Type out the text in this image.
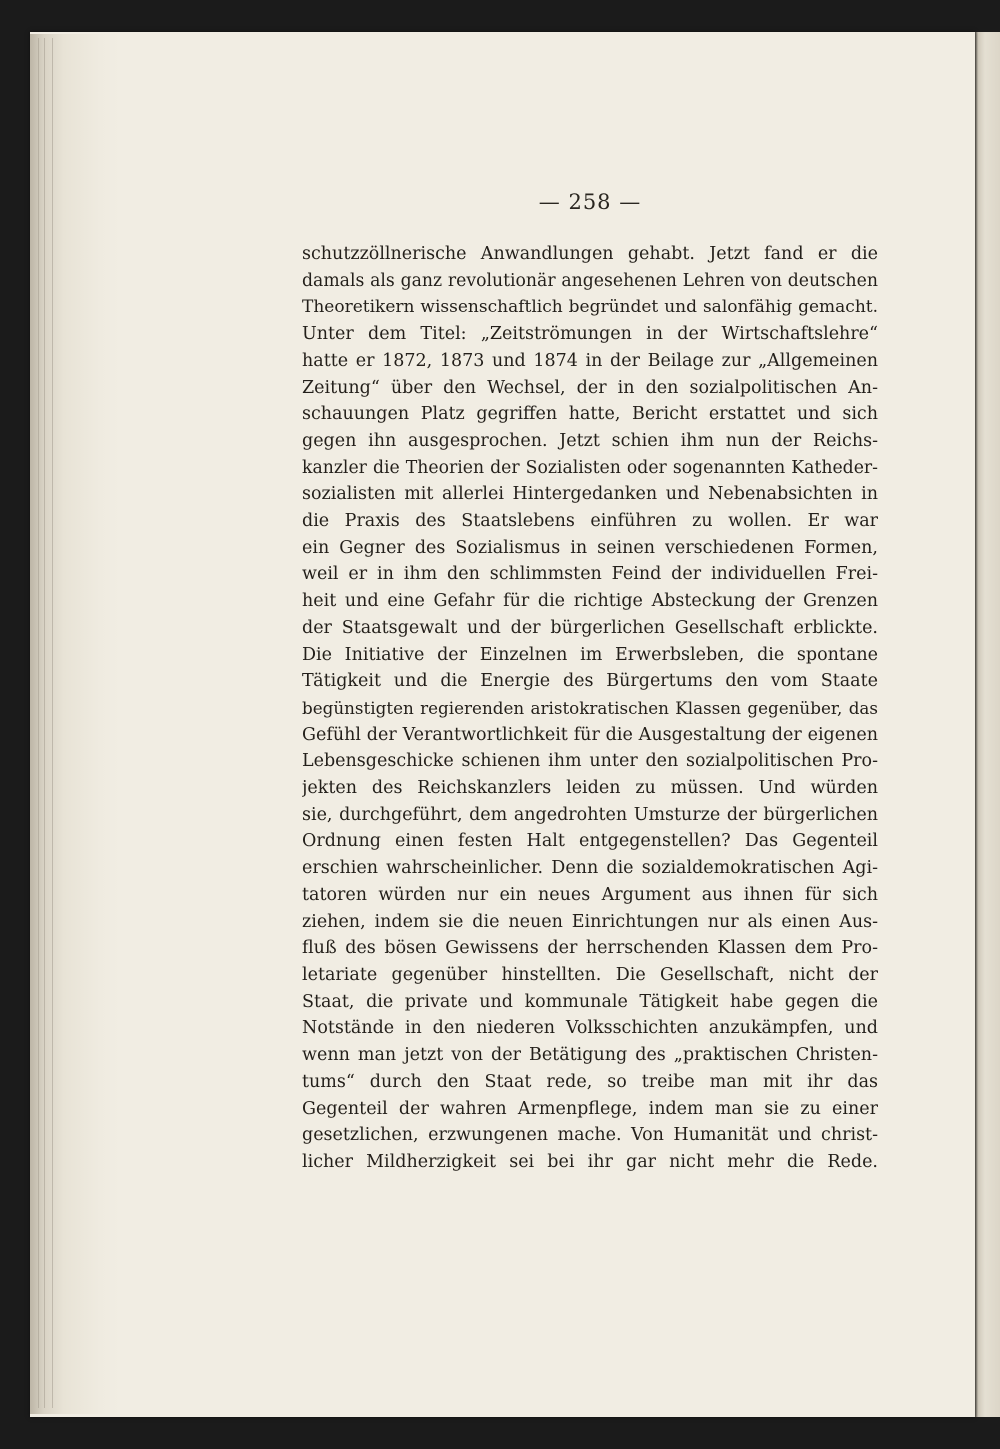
— 258 —
schutzzöllnerische Anwandlungen gehabt. Jetzt fand er die
damals als ganz revolutionär angesehenen Lehren von deutschen
Theoretikern wissenschaftlich begründet und salonfähig gemacht.
Unter dem Titel: „Zeitströmungen in der Wirtschaftslehre“
hatte er 1872, 1873 und 1874 in der Beilage zur „Allgemeinen
Zeitung“ über den Wechsel, der in den sozialpolitischen An-
schauungen Platz gegriffen hatte, Bericht erstattet und sich
gegen ihn ausgesprochen. Jetzt schien ihm nun der Reichs-
kanzler die Theorien der Sozialisten oder sogenannten Katheder-
sozialisten mit allerlei Hintergedanken und Nebenabsichten in
die Praxis des Staatslebens einführen zu wollen. Er war
ein Gegner des Sozialismus in seinen verschiedenen Formen,
weil er in ihm den schlimmsten Feind der individuellen Frei-
heit und eine Gefahr für die richtige Absteckung der Grenzen
der Staatsgewalt und der bürgerlichen Gesellschaft erblickte.
Die Initiative der Einzelnen im Erwerbsleben, die spontane
Tätigkeit und die Energie des Bürgertums den vom Staate
begünstigten regierenden aristokratischen Klassen gegenüber, das
Gefühl der Verantwortlichkeit für die Ausgestaltung der eigenen
Lebensgeschicke schienen ihm unter den sozialpolitischen Pro-
jekten des Reichskanzlers leiden zu müssen. Und würden
sie, durchgeführt, dem angedrohten Umsturze der bürgerlichen
Ordnung einen festen Halt entgegenstellen? Das Gegenteil
erschien wahrscheinlicher. Denn die sozialdemokratischen Agi-
tatoren würden nur ein neues Argument aus ihnen für sich
ziehen, indem sie die neuen Einrichtungen nur als einen Aus-
fluß des bösen Gewissens der herrschenden Klassen dem Pro-
letariate gegenüber hinstellten. Die Gesellschaft, nicht der
Staat, die private und kommunale Tätigkeit habe gegen die
Notstände in den niederen Volksschichten anzukämpfen, und
wenn man jetzt von der Betätigung des „praktischen Christen-
tums“ durch den Staat rede, so treibe man mit ihr das
Gegenteil der wahren Armenpflege, indem man sie zu einer
gesetzlichen, erzwungenen mache. Von Humanität und christ-
licher Mildherzigkeit sei bei ihr gar nicht mehr die Rede.
